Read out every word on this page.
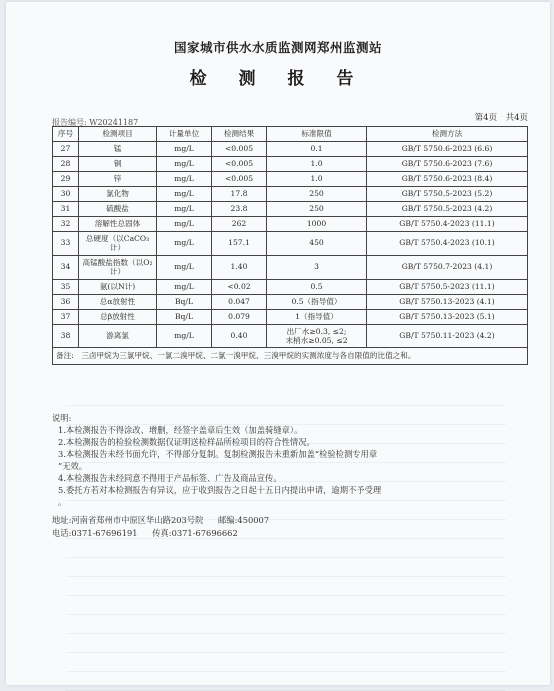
国家城市供水水质监测网郑州监测站
检 测 报 告
第4页　共4页
报告编号: W20241187
序号	检测项目	计量单位	检测结果	标准限值	检测方法
27	锰	mg/L	<0.005	0.1	GB/T 5750.6-2023 (6.6)
28	铜	mg/L	<0.005	1.0	GB/T 5750.6-2023 (7.6)
29	锌	mg/L	<0.005	1.0	GB/T 5750.6-2023 (8.4)
30	氯化物	mg/L	17.8	250	GB/T 5750.5-2023 (5.2)
31	硫酸盐	mg/L	23.8	250	GB/T 5750.5-2023 (4.2)
32	溶解性总固体	mg/L	262	1000	GB/T 5750.4-2023 (11.1)
33	总硬度（以CaCO₃计）	mg/L	157.1	450	GB/T 5750.4-2023 (10.1)
34	高锰酸盐指数（以O₂计）	mg/L	1.40	3	GB/T 5750.7-2023 (4.1)
35	氨(以N计)	mg/L	<0.02	0.5	GB/T 5750.5-2023 (11.1)
36	总α放射性	Bq/L	0.047	0.5（指导值）	GB/T 5750.13-2023 (4.1)
37	总β放射性	Bq/L	0.079	1（指导值）	GB/T 5750.13-2023 (5.1)
38	游离氯	mg/L	0.40	出厂水≥0.3, ≤2;
末梢水≥0.05, ≤2	GB/T 5750.11-2023 (4.2)
备注:　三卤甲烷为三氯甲烷、一氯二溴甲烷、二氯一溴甲烷、三溴甲烷的实测浓度与各自限值的比值之和。					
说明:
1.本检测报告不得涂改、增删，经签字盖章后生效（加盖骑缝章）。
2.本检测报告的检验检测数据仅证明送检样品所检项目的符合性情况。
3.本检测报告未经书面允许，不得部分复制。复制检测报告未重新加盖“检验检测专用章
”无效。
4.本检测报告未经同意不得用于产品标签、广告及商品宣传。
5.委托方若对本检测报告有异议，应于收到报告之日起十五日内提出申请，逾期不予受理
。
地址:河南省郑州市中原区华山路203号院 邮编:450007
电话:0371-67696191 传真:0371-67696662
